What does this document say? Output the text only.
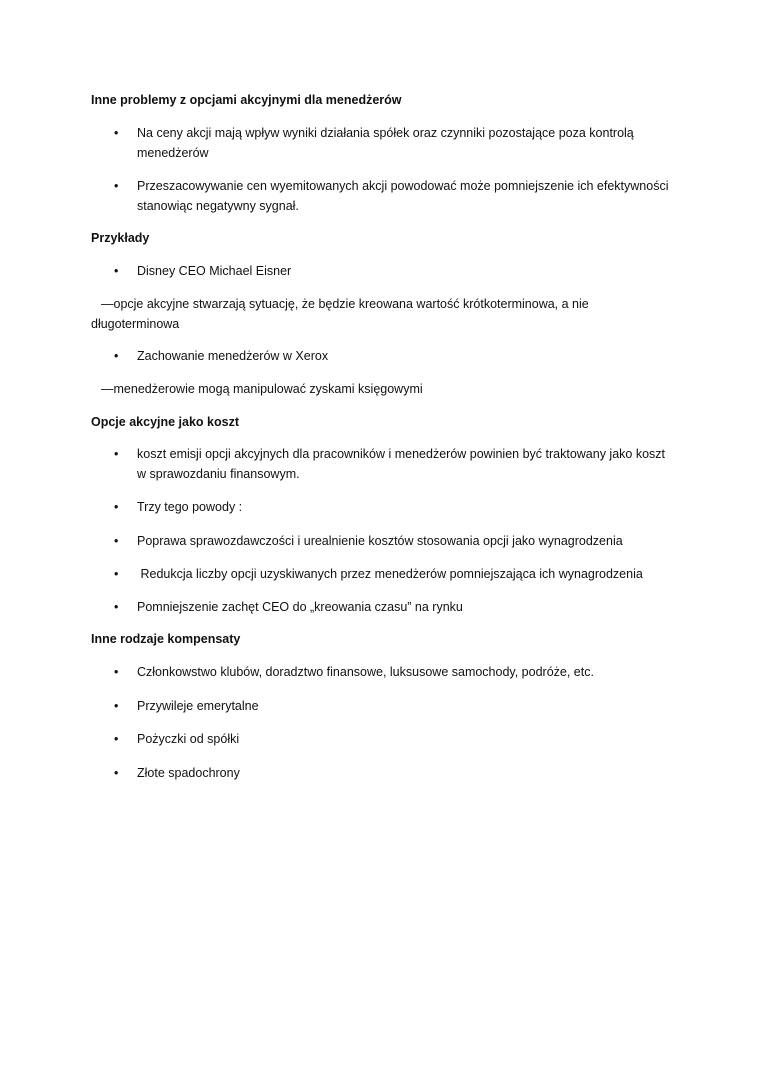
Inne problemy z opcjami akcyjnymi dla menedżerów
• Na ceny akcji mają wpływ wyniki działania spółek oraz czynniki pozostające poza kontrolą menedżerów
• Przeszacowywanie cen wyemitowanych akcji powodować może pomniejszenie ich efektywności stanowiąc negatywny sygnał.
Przykłady
• Disney CEO Michael Eisner
—opcje akcyjne stwarzają sytuację, że będzie kreowana wartość krótkoterminowa, a nie długoterminowa
• Zachowanie menedżerów w Xerox
—menedżerowie mogą manipulować zyskami księgowymi
Opcje akcyjne jako koszt
• koszt emisji opcji akcyjnych dla pracowników i menedżerów powinien być traktowany jako koszt w sprawozdaniu finansowym.
• Trzy tego powody :
• Poprawa sprawozdawczości i urealnienie kosztów stosowania opcji jako wynagrodzenia
• Redukcja liczby opcji uzyskiwanych przez menedżerów pomniejszająca ich wynagrodzenia
• Pomniejszenie zachęt CEO do „kreowania czasu” na rynku
Inne rodzaje kompensaty
• Członkowstwo klubów, doradztwo finansowe, luksusowe samochody, podróże, etc.
• Przywileje emerytalne
• Pożyczki od spółki
• Złote spadochrony
